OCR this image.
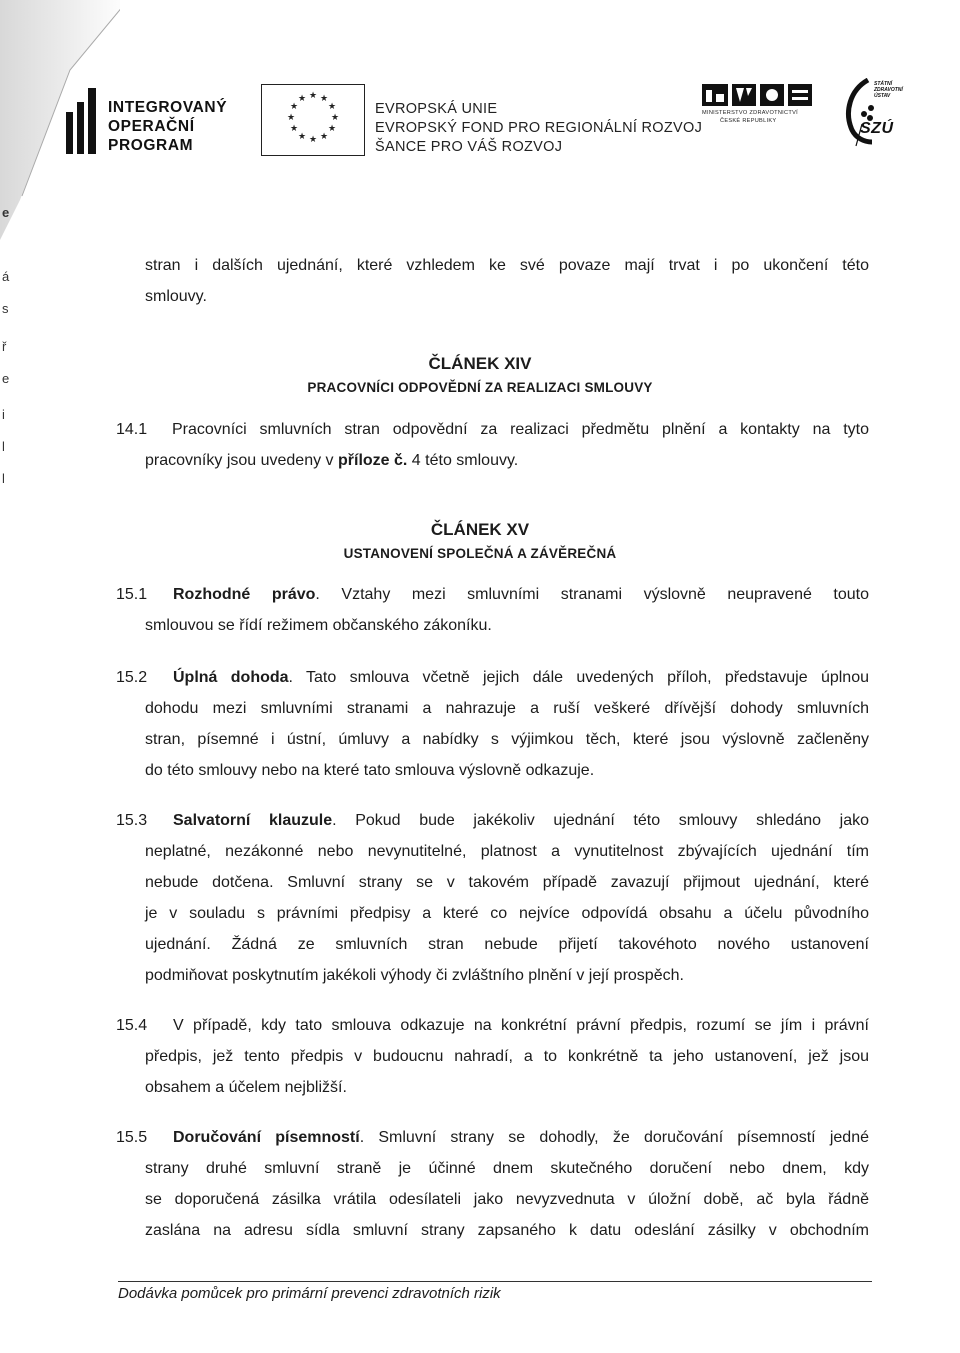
e
á
s
ř
e
i
l
l
INTEGROVANÝ
OPERAČNÍ
PROGRAM
★ ★
★
★
★
★
★
★
★
★
★
★
EVROPSKÁ UNIE
EVROPSKÝ FOND PRO REGIONÁLNÍ ROZVOJ
ŠANCE PRO VÁŠ ROZVOJ
MINISTERSTVO ZDRAVOTNICTVÍ
ČESKÉ REPUBLIKY
STÁTNÍ
ZDRAVOTNÍ
ÚSTAV
SZÚ
stran i dalších ujednání, které vzhledem ke své povaze mají trvat i po ukončení této
smlouvy.
ČLÁNEK XIV
PRACOVNÍCI ODPOVĚDNÍ ZA REALIZACI SMLOUVY
14.1	Pracovníci smluvních stran odpovědní za realizaci předmětu plnění a kontakty na tyto
pracovníky jsou uvedeny v příloze č. 4 této smlouvy.
ČLÁNEK XV
USTANOVENÍ SPOLEČNÁ A ZÁVĚREČNÁ
15.1	Rozhodné právo. Vztahy mezi smluvními stranami výslovně neupravené touto
smlouvou se řídí režimem občanského zákoníku.
15.2	Úplná dohoda. Tato smlouva včetně jejich dále uvedených příloh, představuje úplnou
dohodu mezi smluvními stranami a nahrazuje a ruší veškeré dřívější dohody smluvních
stran, písemné i ústní, úmluvy a nabídky s výjimkou těch, které jsou výslovně začleněny
do této smlouvy nebo na které tato smlouva výslovně odkazuje.
15.3	Salvatorní klauzule. Pokud bude jakékoliv ujednání této smlouvy shledáno jako
neplatné, nezákonné nebo nevynutitelné, platnost a vynutitelnost zbývajících ujednání tím
nebude dotčena. Smluvní strany se v takovém případě zavazují přijmout ujednání, které
je v souladu s právními předpisy a které co nejvíce odpovídá obsahu a účelu původního
ujednání. Žádná ze smluvních stran nebude přijetí takovéhoto nového ustanovení
podmiňovat poskytnutím jakékoli výhody či zvláštního plnění v její prospěch.
15.4	V případě, kdy tato smlouva odkazuje na konkrétní právní předpis, rozumí se jím i právní
předpis, jež tento předpis v budoucnu nahradí, a to konkrétně ta jeho ustanovení, jež jsou
obsahem a účelem nejbližší.
15.5	Doručování písemností. Smluvní strany se dohodly, že doručování písemností jedné
strany druhé smluvní straně je účinné dnem skutečného doručení nebo dnem, kdy
se doporučená zásilka vrátila odesílateli jako nevyzvednuta v úložní době, ač byla řádně
zaslána na adresu sídla smluvní strany zapsaného k datu odeslání zásilky v obchodním
Dodávka pomůcek pro primární prevenci zdravotních rizik
